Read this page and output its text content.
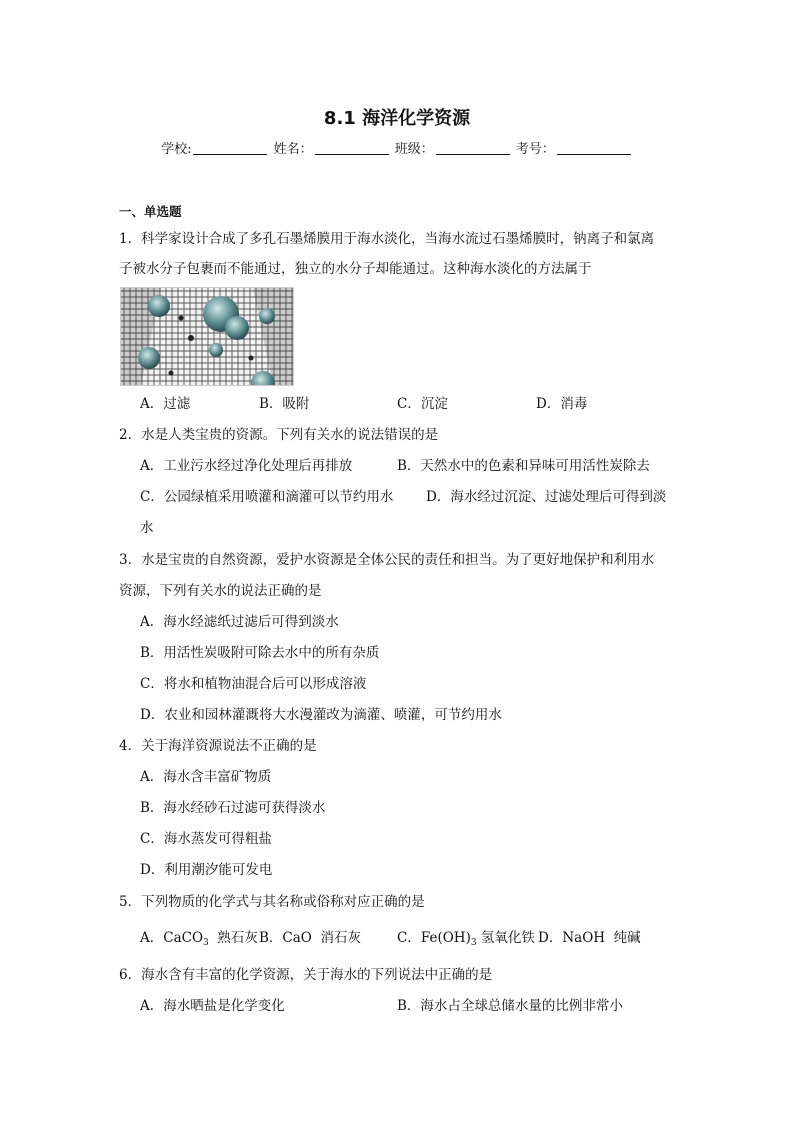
8.1 海洋化学资源
学校:	姓名：	班级：	考号：
一、单选题
1．科学家设计合成了多孔石墨烯膜用于海水淡化，当海水流过石墨烯膜时，钠离子和氯离
子被水分子包裹而不能通过，独立的水分子却能通过。这种海水淡化的方法属于
A．过滤	B．吸附	C．沉淀	D．消毒
2．水是人类宝贵的资源。下列有关水的说法错误的是
A．工业污水经过净化处理后再排放	B．天然水中的色素和异味可用活性炭除去
C．公园绿植采用喷灌和滴灌可以节约用水 D．海水经过沉淀、过滤处理后可得到淡
水
3．水是宝贵的自然资源，爱护水资源是全体公民的责任和担当。为了更好地保护和利用水
资源，下列有关水的说法正确的是
A．海水经滤纸过滤后可得到淡水
B．用活性炭吸附可除去水中的所有杂质
C．将水和植物油混合后可以形成溶液
D．农业和园林灌溉将大水漫灌改为滴灌、喷灌，可节约用水
4．关于海洋资源说法不正确的是
A．海水含丰富矿物质
B．海水经砂石过滤可获得淡水
C．海水蒸发可得粗盐
D．利用潮汐能可发电
5．下列物质的化学式与其名称或俗称对应正确的是
A．CaCO$_3$ 熟石灰 B．CaO 消石灰	C．$Fe(OH)_3$ 氢氧化铁 D．NaOH 纯碱
6．海水含有丰富的化学资源，关于海水的下列说法中正确的是
A．海水晒盐是化学变化	B．海水占全球总储水量的比例非常小
